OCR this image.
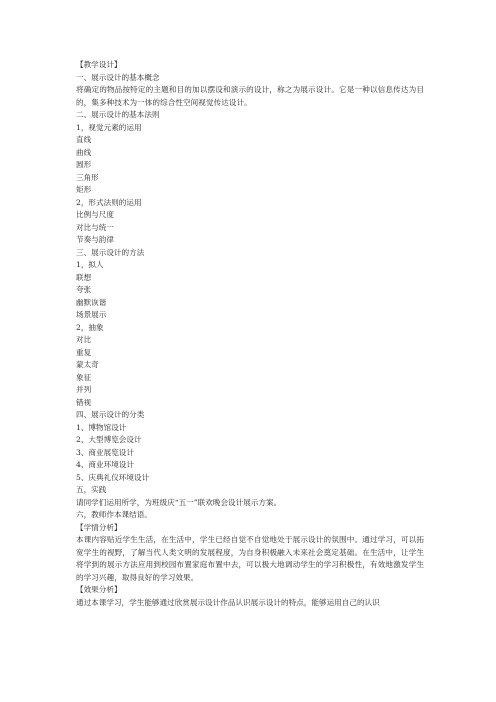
【教学设计】
一、展示设计的基本概念
将确定的物品按特定的主题和目的加以摆设和演示的设计，称之为展示设计。它是一种以信息传达为目的，集多种技术为一体的综合性空间视觉传达设计。
二、展示设计的基本法则
1，视觉元素的运用
直线
曲线
圆形
三角形
矩形
2，形式法则的运用
比例与尺度
对比与统一
节奏与韵律
三、展示设计的方法
1，拟人
联想
夸张
幽默诙谐
场景展示
2，抽象
对比
重复
蒙太奇
象征
并列
错视
四、展示设计的分类
1、博物馆设计
2、大型博览会设计
3、商业展览设计
4、商业环境设计
5、庆典礼仪环境设计
五，实践
请同学们运用所学，为班级庆“五一”联欢晚会设计展示方案。
六，教师作本课结语。
【学情分析】
本课内容贴近学生生活，在生活中，学生已经自觉不自觉地处于展示设计的氛围中。通过学习，可以拓宽学生的视野，了解当代人类文明的发展程度，为自身积极融入未来社会奠定基础。在生活中，让学生将学到的展示方法应用到校园布置家庭布置中去，可以极大地调动学生的学习积极性，有效地激发学生的学习兴趣，取得良好的学习效果。
【效果分析】
通过本课学习，学生能够通过欣赏展示设计作品认识展示设计的特点，能够运用自己的认识
